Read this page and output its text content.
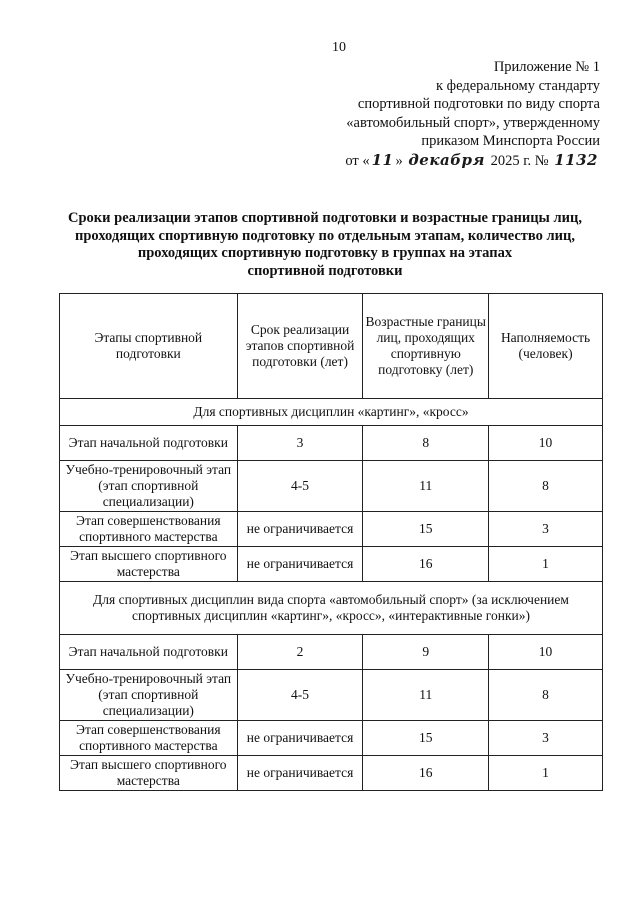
10
Приложение № 1
к федеральному стандарту
спортивной подготовки по виду спорта
«автомобильный спорт», утвержденному
приказом Минспорта России
от « 11 » декабря 2025 г. № 1132
Сроки реализации этапов спортивной подготовки и возрастные границы лиц,
проходящих спортивную подготовку по отдельным этапам, количество лиц,
проходящих спортивную подготовку в группах на этапах
спортивной подготовки
Этапы спортивной подготовки	Срок реализации этапов спортивной подготовки (лет)	Возрастные границы лиц, проходящих спортивную подготовку (лет)	Наполняемость (человек)
Для спортивных дисциплин «картинг», «кросс»			
Этап начальной подготовки	3	8	10
Учебно-тренировочный этап (этап спортивной специализации)	4-5	11	8
Этап совершенствования спортивного мастерства	не ограничивается	15	3
Этап высшего спортивного мастерства	не ограничивается	16	1
Для спортивных дисциплин вида спорта «автомобильный спорт» (за исключением спортивных дисциплин «картинг», «кросс», «интерактивные гонки»)			
Этап начальной подготовки	2	9	10
Учебно-тренировочный этап (этап спортивной специализации)	4-5	11	8
Этап совершенствования спортивного мастерства	не ограничивается	15	3
Этап высшего спортивного мастерства	не ограничивается	16	1
